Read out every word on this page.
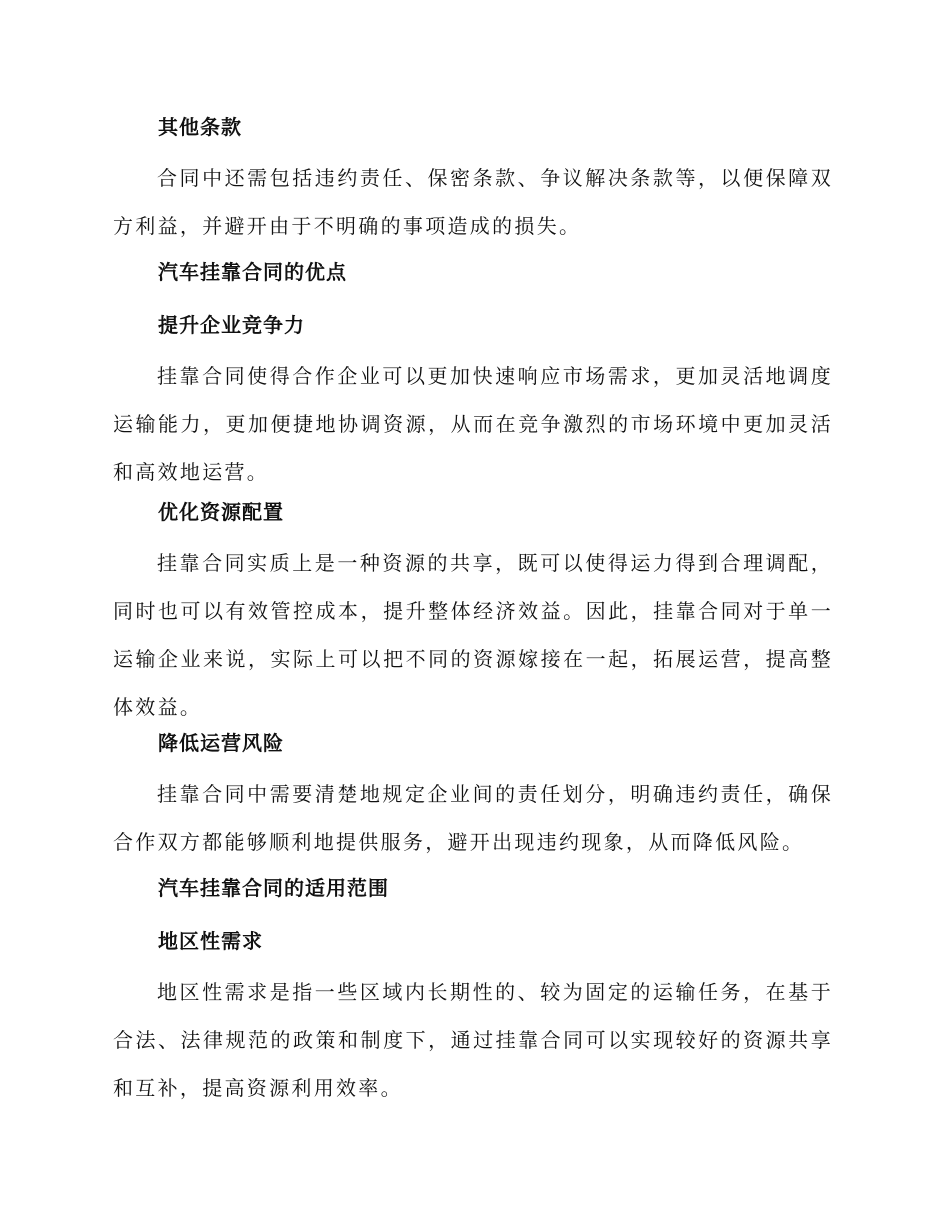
其他条款
合同中还需包括违约责任、保密条款、争议解决条款等，以便保障双方利益，并避开由于不明确的事项造成的损失。
汽车挂靠合同的优点
提升企业竞争力
挂靠合同使得合作企业可以更加快速响应市场需求，更加灵活地调度运输能力，更加便捷地协调资源，从而在竞争激烈的市场环境中更加灵活和高效地运营。
优化资源配置
挂靠合同实质上是一种资源的共享，既可以使得运力得到合理调配，同时也可以有效管控成本，提升整体经济效益。因此，挂靠合同对于单一运输企业来说，实际上可以把不同的资源嫁接在一起，拓展运营，提高整体效益。
降低运营风险
挂靠合同中需要清楚地规定企业间的责任划分，明确违约责任，确保合作双方都能够顺利地提供服务，避开出现违约现象，从而降低风险。
汽车挂靠合同的适用范围
地区性需求
地区性需求是指一些区域内长期性的、较为固定的运输任务，在基于合法、法律规范的政策和制度下，通过挂靠合同可以实现较好的资源共享和互补，提高资源利用效率。
